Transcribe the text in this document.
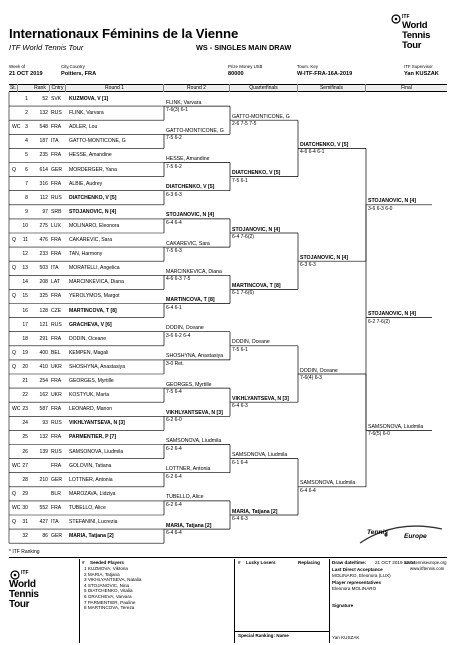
Internationaux Féminins de la Vienne
ITF World Tennis Tour	WS - SINGLES MAIN DRAW
ITF
World
Tennis
Tour
Week of
21 OCT 2019
City,Country
Poitiers, FRA
Prize Money US$
80000
Tourn. Key
W-ITF-FRA-16A-2019
ITF Supervisor
Yan KUSZAK
St.	Rank	Cntry	Round 1	Round 2	Quarterfinals	Semifinals	Final
1	52 SVK KUZMOVA, V [1]
2	132 RUS FLINK, Varvara
WC 3	548 FRA ADLER, Lou
4	187 ITA GATTO-MONTICONE, G
5	235 FRA HESSE, Amandine
Q	6	614 GER MORDERGER, Yana
7	316 FRA ALBIE, Audrey
8	112 RUS DIATCHENKO, V [5]
9	97 SRB STOJANOVIC, N [4]
10	275 LUX MOLINARO, Eleonora
Q	11	476 FRA CAKAREVIC, Sara
12	233 FRA TAN, Harmony
Q	13	503 ITA MORATELLI, Angelica
14	208 LAT MARCINKEVICA, Diana
Q	15	325 FRA YEROLYMOS, Margot
16	128 CZE MARTINCOVA, T [8]
17	121 RUS GRACHEVA, V [6]
18	291 FRA DODIN, Oceane
Q	19	400 BEL KEMPEN, Magali
Q	20	410 UKR SHOSHYNA, Anastasiya
21	254 FRA GEORGES, Myrtille
22	162 UKR KOSTYUK, Marta
WC 23	587 FRA LEONARD, Manon
24	93 RUS VIKHLYANTSEVA, N [3]
25	132 FRA PARMENTIER, P [7]
26	139 RUS SAMSONOVA, Liudmila
WC 27	FRA GOLOVIN, Tatiana
28	210 GER LOTTNER, Antonia
Q	29	BLR MAROZAVA, Lidziya
WC 30	552 FRA TUBELLO, Alice
Q	31	427 ITA STEFANINI, Lucrezia
32	86 GER MARIA, Tatjana [2]
FLINK, Varvara
7-6(3) 6-1
GATTO-MONTICONE, G
7-5 6-2
HESSE, Amandine
7-5 6-2
DIATCHENKO, V [5]
6-3 6-3
STOJANOVIC, N [4]
6-4 6-4
CAKAREVIC, Sara
7-5 6-3
MARCINKEVICA, Diana
4-6 6-3 7-5
MARTINCOVA, T [8]
6-4 6-1
DODIN, Oceane
3-6 6-2 6-4
SHOSHYNA, Anastasiya
3-0 Ret.
GEORGES, Myrtille
7-5 6-4
VIKHLYANTSEVA, N [3]
6-2 6-0
SAMSONOVA, Liudmila
6-2 6-4
LOTTNER, Antonia
6-2 6-4
TUBELLO, Alice
6-2 6-4
MARIA, Tatjana [2]
6-4 6-4
GATTO-MONTICONE, G
2-6 7-5 7-5
DIATCHENKO, V [5]
7-5 6-1
STOJANOVIC, N [4]
6-4 7-6(2)
MARTINCOVA, T [8]
6-1 7-6(6)
DODIN, Oceane
7-5 6-1
VIKHLYANTSEVA, N [3]
6-4 6-3
SAMSONOVA, Liudmila
6-1 6-4
MARIA, Tatjana [2]
6-4 6-3
DIATCHENKO, V [5]
4-6 6-4 6-1
STOJANOVIC, N [4]
6-3 6-3
DODIN, Oceane
7-6(4) 6-3
SAMSONOVA, Liudmila
6-4 6-4
STOJANOVIC, N [4]
3-6 6-3 6-0
SAMSONOVA, Liudmila
7-6(5) 6-0
STOJANOVIC, N [4]
6-2 7-6(2)
Tennis
Europe
www.tenniseurope.org
www.itftennis.com
* ITF Ranking
ITF
World
Tennis
Tour
# Seeded Players
1 KUZMOVA, Viktoria
2 MARIA, Tatjana
3 VIKHLYANTSEVA, Natalia
4 STOJANOVIC, Nina
5 DIATCHENKO, Vitalia
6 GRACHEVA, Varvara
7 PARMENTIER, Pauline
8 MARTINCOVA, Tereza
# Lucky Losers	Replacing
Special Ranking: Name
Draw date/time: 21 OCT 2019 12:04
Last Direct Acceptance
MOLINARO, Eleonora (LUX)
Player representatives
Eleonora MOLINARO
Signature
Yan KUSZAK
